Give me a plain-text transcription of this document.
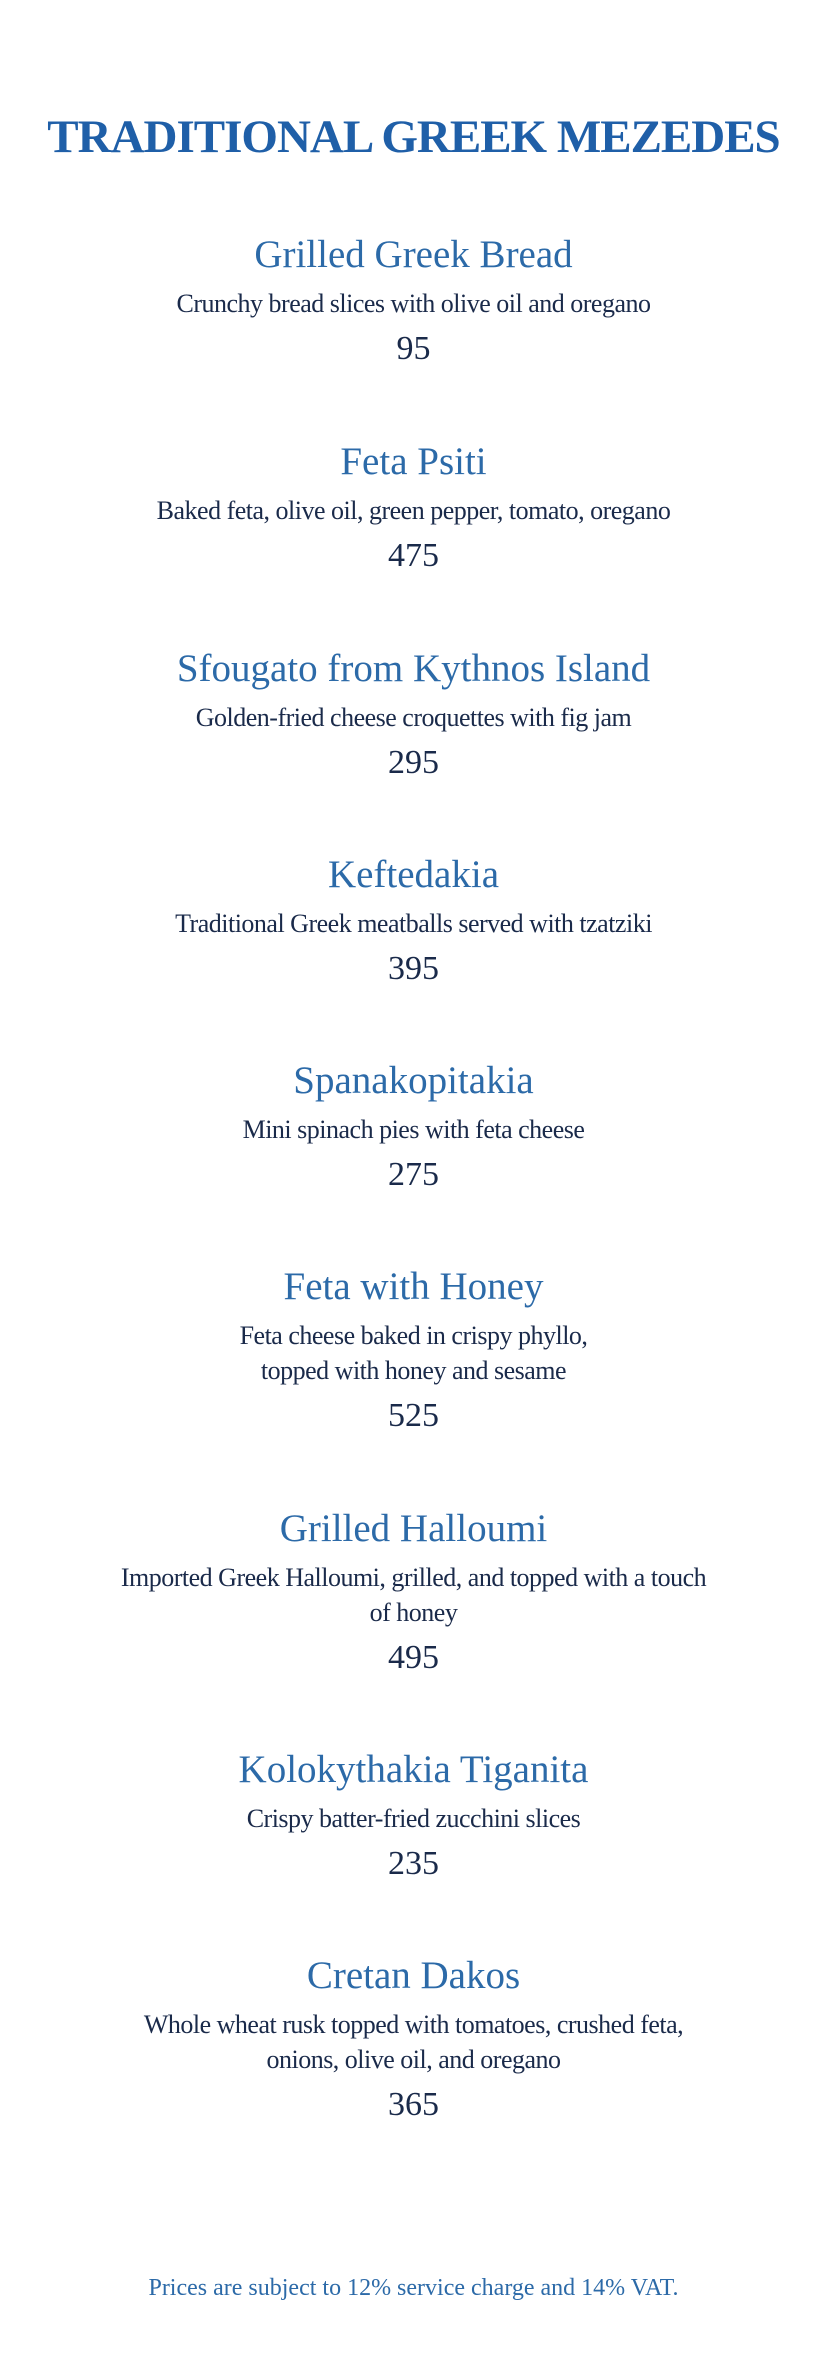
TRADITIONAL GREEK MEZEDES
Grilled Greek Bread
Crunchy bread slices with olive oil and oregano
95
Feta Psiti
Baked feta, olive oil, green pepper, tomato, oregano
475
Sfougato from Kythnos Island
Golden-fried cheese croquettes with fig jam
295
Keftedakia
Traditional Greek meatballs served with tzatziki
395
Spanakopitakia
Mini spinach pies with feta cheese
275
Feta with Honey
Feta cheese baked in crispy phyllo,
topped with honey and sesame
525
Grilled Halloumi
Imported Greek Halloumi, grilled, and topped with a touch
of honey
495
Kolokythakia Tiganita
Crispy batter-fried zucchini slices
235
Cretan Dakos
Whole wheat rusk topped with tomatoes, crushed feta,
onions, olive oil, and oregano
365
Prices are subject to 12% service charge and 14% VAT.
